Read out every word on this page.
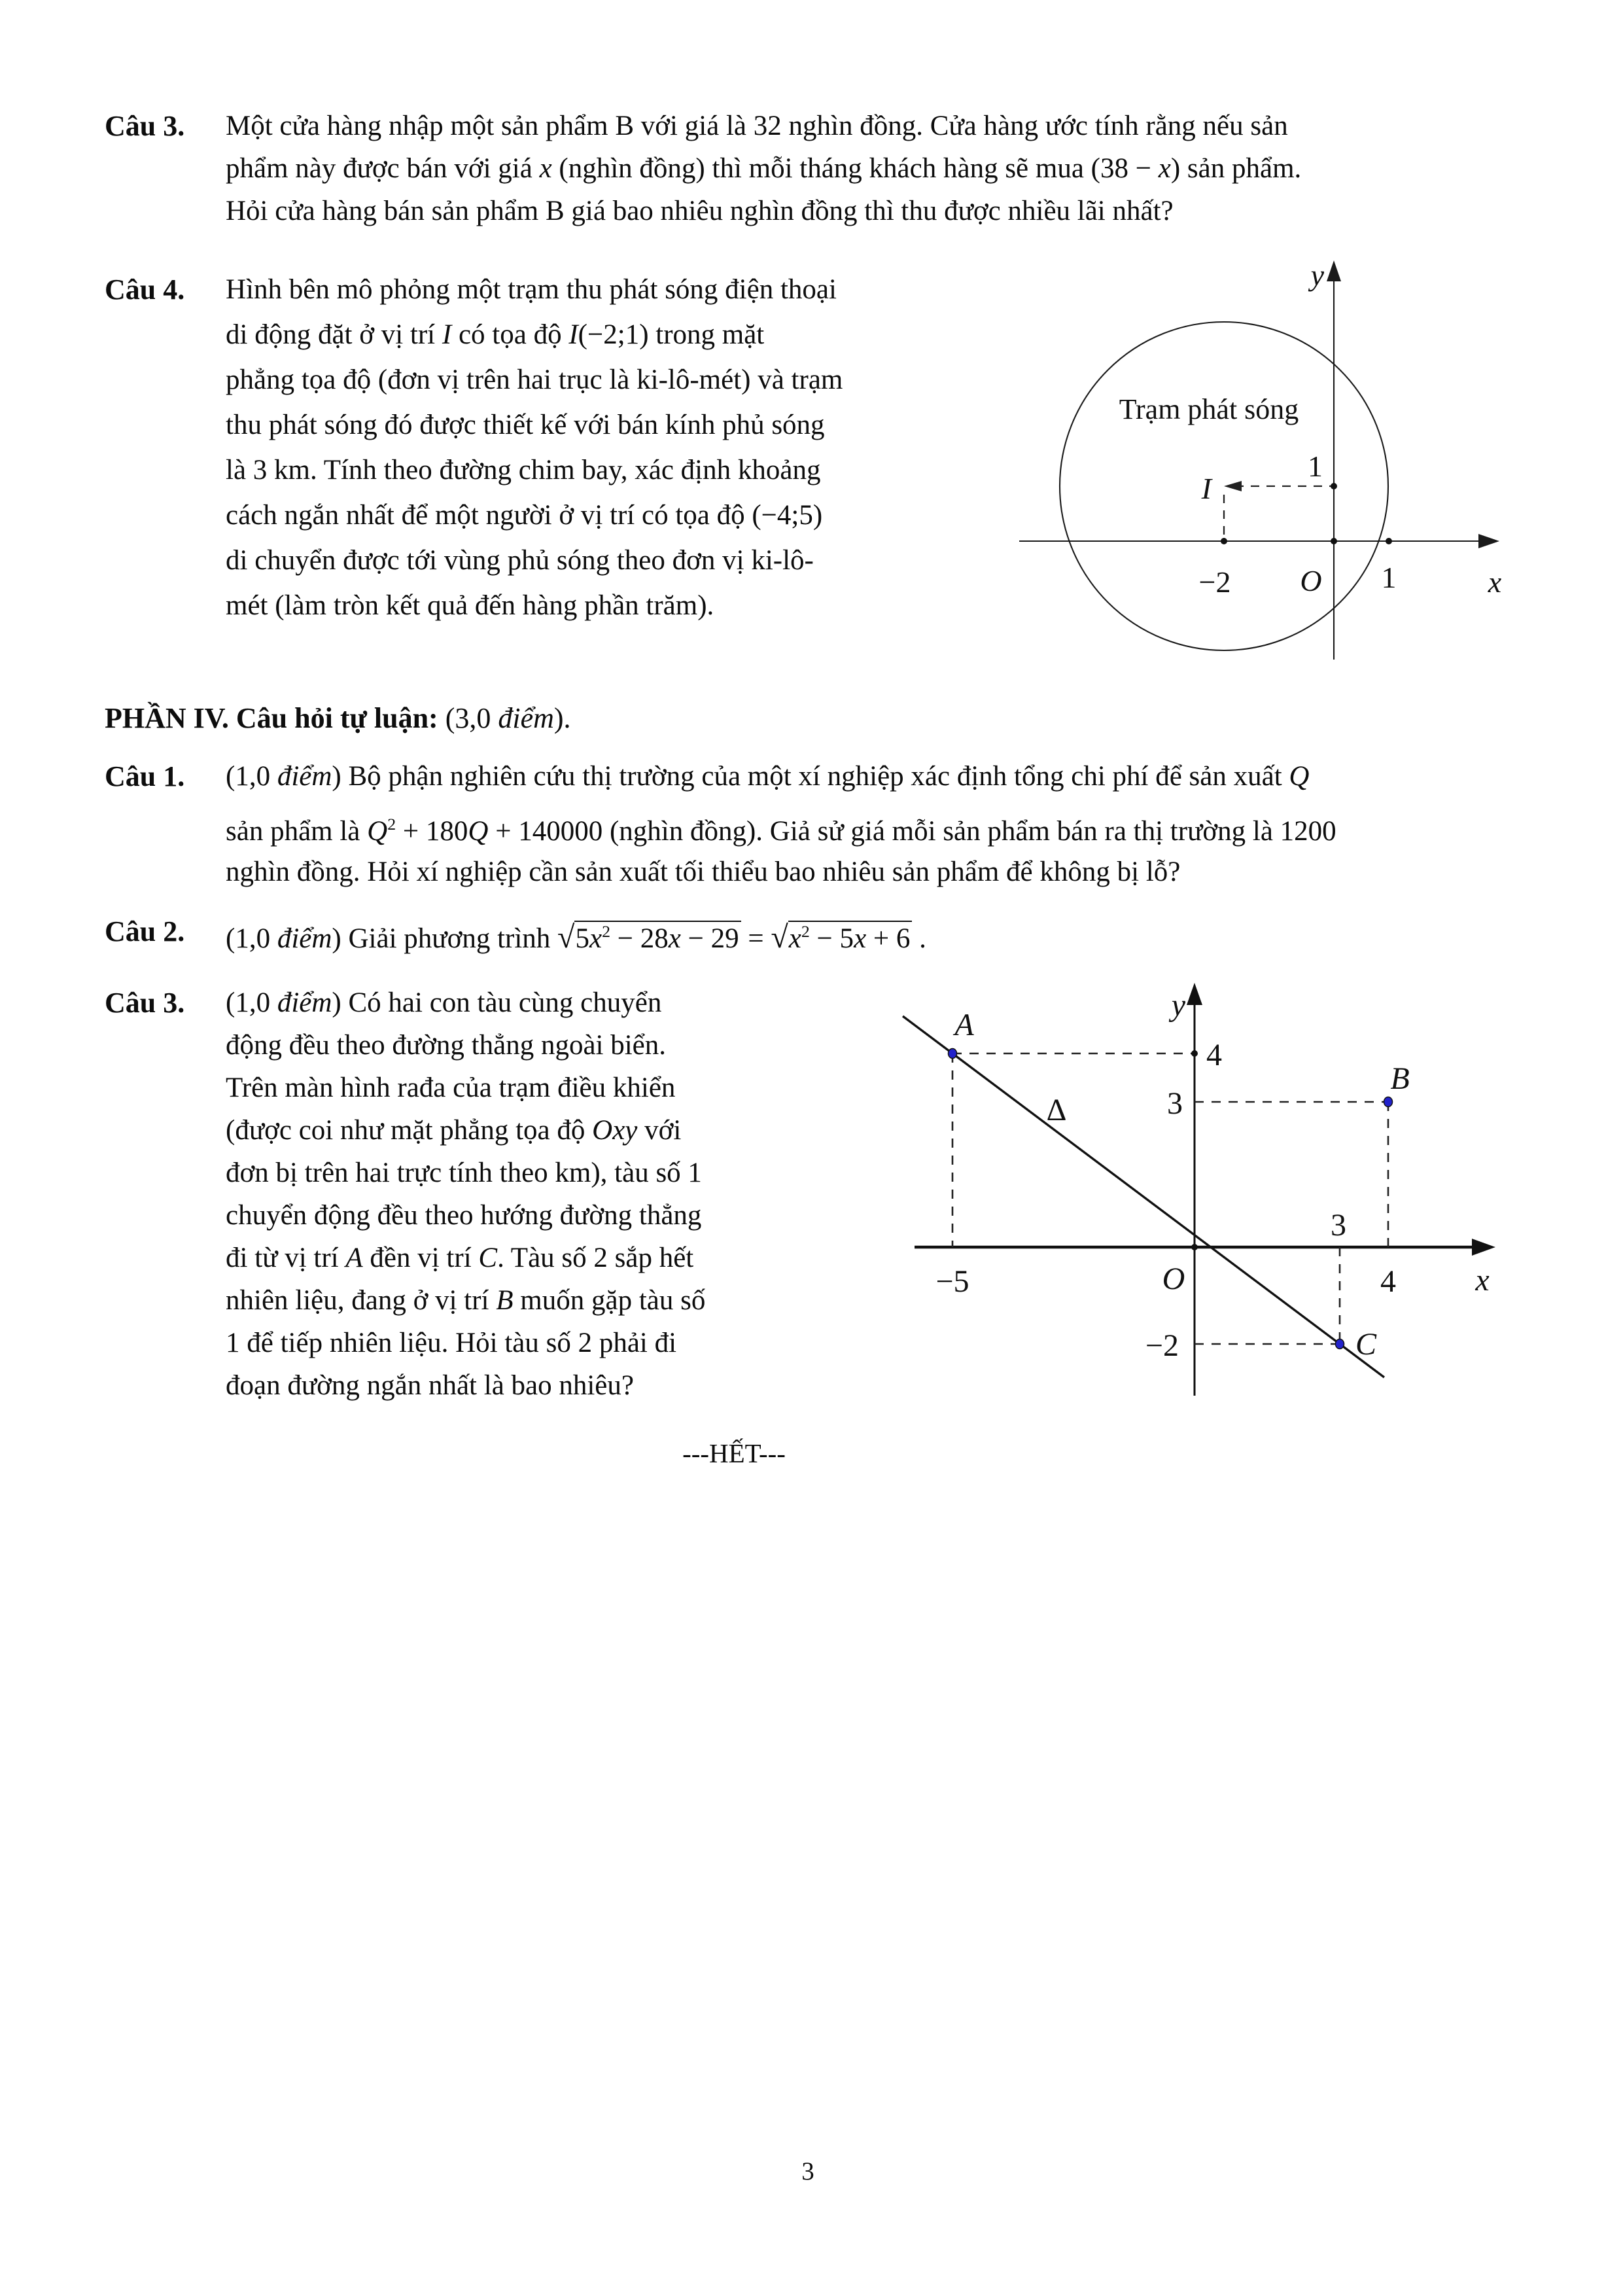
Câu 3. Một cửa hàng nhập một sản phẩm B với giá là 32 nghìn đồng. Cửa hàng ước tính rằng nếu sản
phẩm này được bán với giá x (nghìn đồng) thì mỗi tháng khách hàng sẽ mua (38 − x) sản phẩm.
Hỏi cửa hàng bán sản phẩm B giá bao nhiêu nghìn đồng thì thu được nhiều lãi nhất?
Câu 4. Hình bên mô phỏng một trạm thu phát sóng điện thoại
di động đặt ở vị trí I có tọa độ I(−2;1) trong mặt
phẳng tọa độ (đơn vị trên hai trục là ki-lô-mét) và trạm
thu phát sóng đó được thiết kế với bán kính phủ sóng
là 3 km. Tính theo đường chim bay, xác định khoảng
cách ngắn nhất để một người ở vị trí có tọa độ (−4;5)
di chuyển được tới vùng phủ sóng theo đơn vị ki-lô-
mét (làm tròn kết quả đến hàng phần trăm).
y
x
Trạm phát sóng
1
I
−2 O 1
PHẦN IV. Câu hỏi tự luận: (3,0 điểm).
Câu 1. (1,0 điểm) Bộ phận nghiên cứu thị trường của một xí nghiệp xác định tổng chi phí để sản xuất Q
sản phẩm là $Q^2 + 180Q + 140000$ (nghìn đồng). Giả sử giá mỗi sản phẩm bán ra thị trường là 1200
nghìn đồng. Hỏi xí nghiệp cần sản xuất tối thiểu bao nhiêu sản phẩm để không bị lỗ?
Câu 2. (1,0 điểm) Giải phương trình $√5x^2 - 28x - 29 = √x^2 - 5x + 6$ .
Câu 3. (1,0 điểm) Có hai con tàu cùng chuyển
động đều theo đường thẳng ngoài biển.
Trên màn hình rađa của trạm điều khiển
(được coi như mặt phẳng tọa độ Oxy với
đơn bị trên hai trực tính theo km), tàu số 1
chuyển động đều theo hướng đường thẳng
đi từ vị trí A đền vị trí C. Tàu số 2 sắp hết
nhiên liệu, đang ở vị trí B muốn gặp tàu số
1 để tiếp nhiên liệu. Hỏi tàu số 2 phải đi
đoạn đường ngắn nhất là bao nhiêu?
y
x
A
B
C
Δ
4
3
−2
−5	O
3
4
---HẾT---
3
